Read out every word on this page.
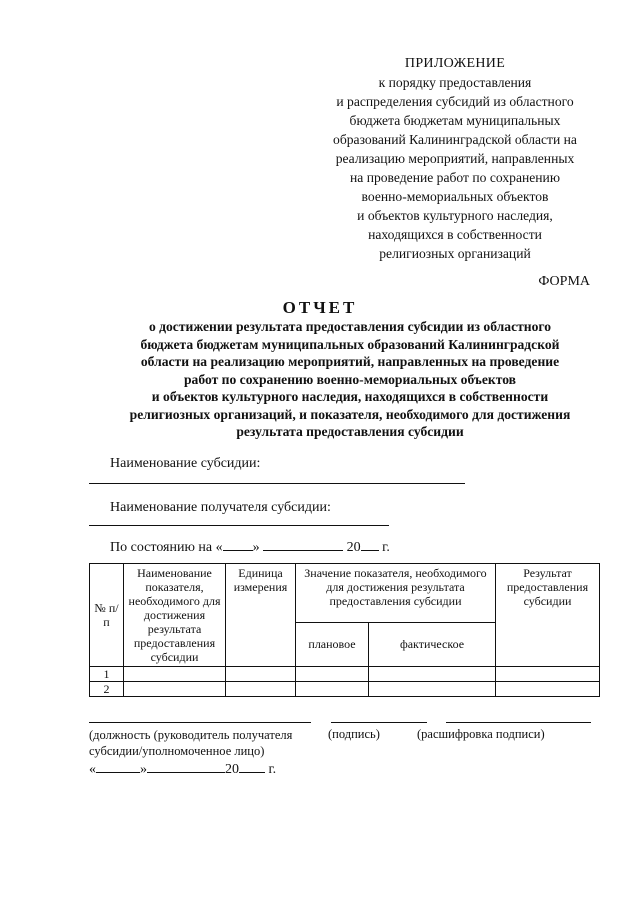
ПРИЛОЖЕНИЕ
к порядку предоставления
и распределения субсидий из областного
бюджета бюджетам муниципальных
образований Калининградской области на
реализацию мероприятий, направленных
на проведение работ по сохранению
военно-мемориальных объектов
и объектов культурного наследия,
находящихся в собственности
религиозных организаций
ФОРМА
ОТЧЕТ
о достижении результата предоставления субсидии из областного
бюджета бюджетам муниципальных образований Калининградской
области на реализацию мероприятий, направленных на проведение
работ по сохранению военно-мемориальных объектов
и объектов культурного наследия, находящихся в собственности
религиозных организаций, и показателя, необходимого для достижения
результата предоставления субсидии
Наименование субсидии:
Наименование получателя субсидии:
По состоянию на « »	20 г.
№ п/п	Наименование показателя, необходимого для достижения результата предоставления субсидии	Единица измерения	Значение показателя, необходимого для достижения результата предоставления субсидии		Результат предоставления субсидии
			плановое	фактическое	
1					
2					
(должность (руководитель получателя субсидии/уполномоченное лицо)
(подпись)	(расшифровка подписи)
«	»	20 г.
